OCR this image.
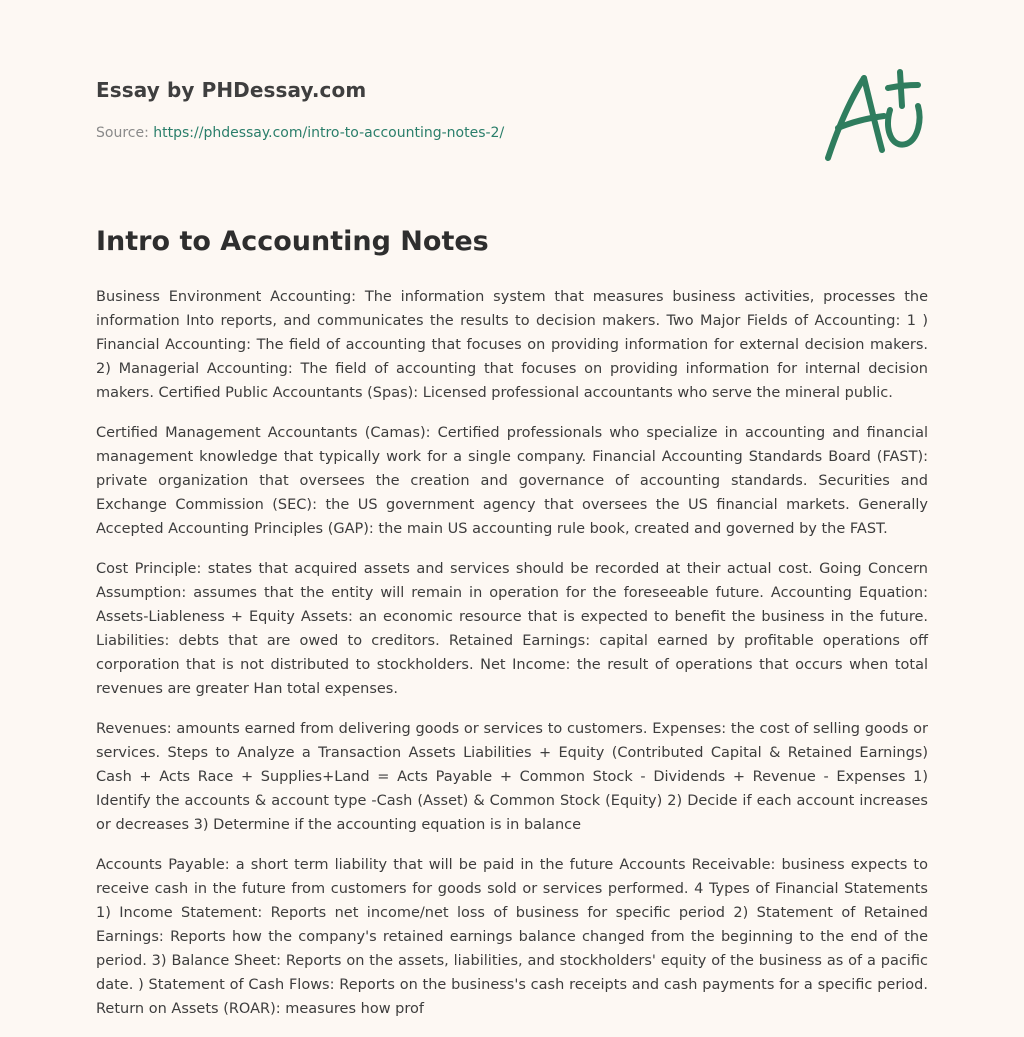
Essay by PHDessay.com
Source: https://phdessay.com/intro-to-accounting-notes-2/
Intro to Accounting Notes

Business Environment Accounting: The information system that measures business activities, processes the information Into reports, and communicates the results to decision makers. Two Major Fields of Accounting: 1 ) Financial Accounting: The field of accounting that focuses on providing information for external decision makers. 2) Managerial Accounting: The field of accounting that focuses on providing information for internal decision makers. Certified Public Accountants (Spas): Licensed professional accountants who serve the mineral public.

Certified Management Accountants (Camas): Certified professionals who specialize in accounting and financial management knowledge that typically work for a single company. Financial Accounting Standards Board (FAST): private organization that oversees the creation and governance of accounting standards. Securities and Exchange Commission (SEC): the US government agency that oversees the US financial markets. Generally Accepted Accounting Principles (GAP): the main US accounting rule book, created and governed by the FAST.

Cost Principle: states that acquired assets and services should be recorded at their actual cost. Going Concern Assumption: assumes that the entity will remain in operation for the foreseeable future. Accounting Equation: Assets-Liableness + Equity Assets: an economic resource that is expected to benefit the business in the future. Liabilities: debts that are owed to creditors. Retained Earnings: capital earned by profitable operations off corporation that is not distributed to stockholders. Net Income: the result of operations that occurs when total revenues are greater Han total expenses.

Revenues: amounts earned from delivering goods or services to customers. Expenses: the cost of selling goods or services. Steps to Analyze a Transaction Assets Liabilities + Equity (Contributed Capital & Retained Earnings) Cash + Acts Race + Supplies+Land = Acts Payable + Common Stock - Dividends + Revenue - Expenses 1) Identify the accounts & account type -Cash (Asset) & Common Stock (Equity) 2) Decide if each account increases or decreases 3) Determine if the accounting equation is in balance

Accounts Payable: a short term liability that will be paid in the future Accounts Receivable: business expects to receive cash in the future from customers for goods sold or services performed. 4 Types of Financial Statements 1) Income Statement: Reports net income/net loss of business for specific period 2) Statement of Retained Earnings: Reports how the company's retained earnings balance changed from the beginning to the end of the period. 3) Balance Sheet: Reports on the assets, liabilities, and stockholders' equity of the business as of a pacific date. ) Statement of Cash Flows: Reports on the business's cash receipts and cash payments for a specific period. Return on Assets (ROAR): measures how prof
